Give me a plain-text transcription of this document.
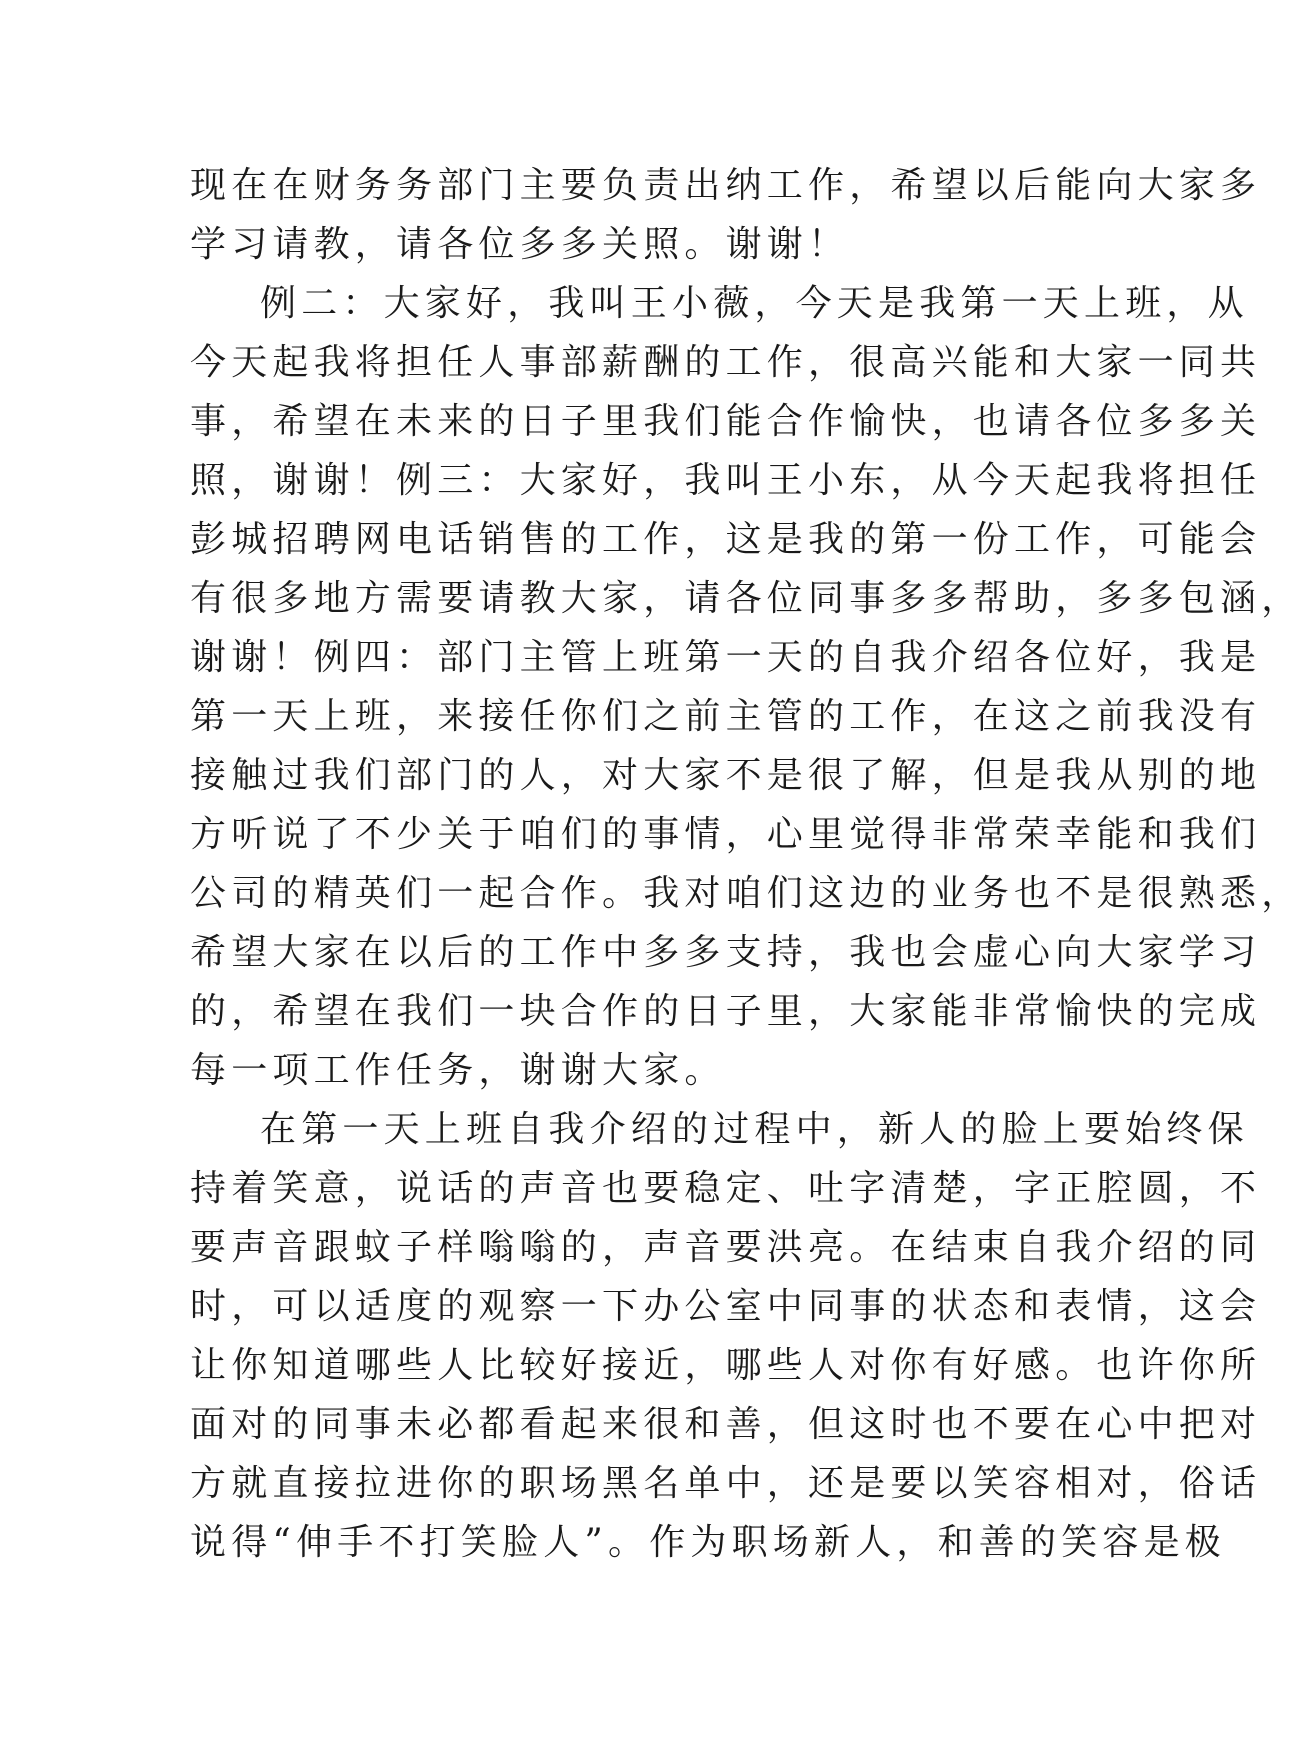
现在在财务务部门主要负责出纳工作，希望以后能向大家多
学习请教，请各位多多关照。谢谢！
例二：大家好，我叫王小薇，今天是我第一天上班，从
今天起我将担任人事部薪酬的工作，很高兴能和大家一同共
事，希望在未来的日子里我们能合作愉快，也请各位多多关
照，谢谢！例三：大家好，我叫王小东，从今天起我将担任
彭城招聘网电话销售的工作，这是我的第一份工作，可能会
有很多地方需要请教大家，请各位同事多多帮助，多多包涵，
谢谢！例四：部门主管上班第一天的自我介绍各位好，我是
第一天上班，来接任你们之前主管的工作，在这之前我没有
接触过我们部门的人，对大家不是很了解，但是我从别的地
方听说了不少关于咱们的事情，心里觉得非常荣幸能和我们
公司的精英们一起合作。我对咱们这边的业务也不是很熟悉，
希望大家在以后的工作中多多支持，我也会虚心向大家学习
的，希望在我们一块合作的日子里，大家能非常愉快的完成
每一项工作任务，谢谢大家。
在第一天上班自我介绍的过程中，新人的脸上要始终保
持着笑意，说话的声音也要稳定、吐字清楚，字正腔圆，不
要声音跟蚊子样嗡嗡的，声音要洪亮。在结束自我介绍的同
时，可以适度的观察一下办公室中同事的状态和表情，这会
让你知道哪些人比较好接近，哪些人对你有好感。也许你所
面对的同事未必都看起来很和善，但这时也不要在心中把对
方就直接拉进你的职场黑名单中，还是要以笑容相对，俗话
说得“伸手不打笑脸人”。作为职场新人，和善的笑容是极
